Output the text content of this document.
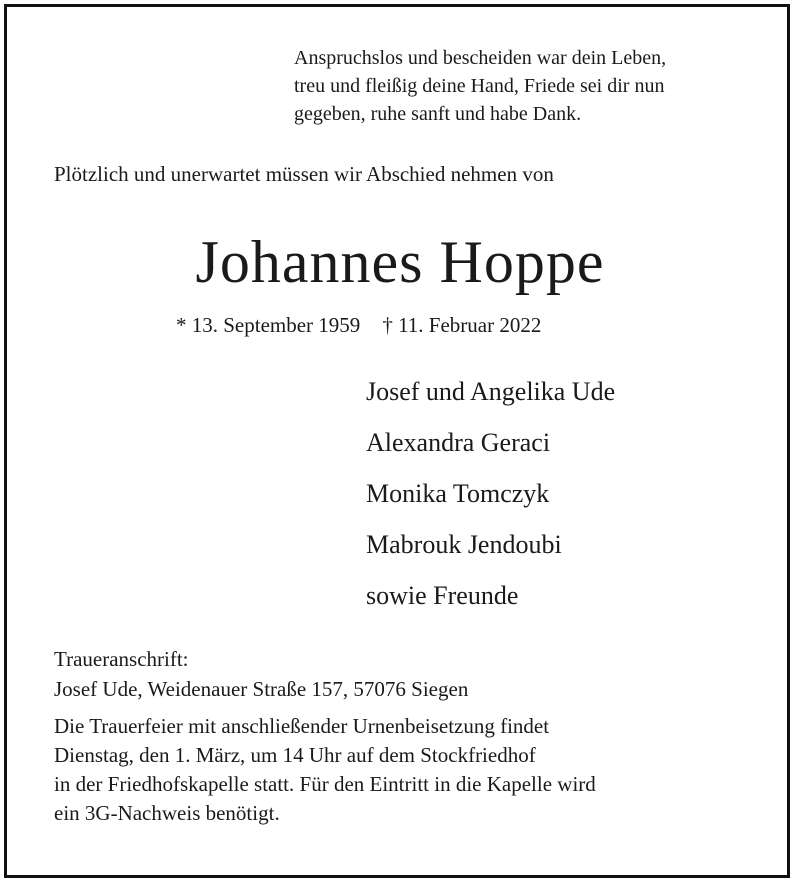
Anspruchslos und bescheiden war dein Leben,
treu und fleißig deine Hand, Friede sei dir nun
gegeben, ruhe sanft und habe Dank.

Plötzlich und unerwartet müssen wir Abschied nehmen von

Johannes Hoppe
* 13. September 1959 † 11. Februar 2022
Josef und Angelika Ude
Alexandra Geraci
Monika Tomczyk
Mabrouk Jendoubi
sowie Freunde
Traueranschrift:
Josef Ude, Weidenauer Straße 157, 57076 Siegen
Die Trauerfeier mit anschließender Urnenbeisetzung findet
Dienstag, den 1. März, um 14 Uhr auf dem Stockfriedhof
in der Friedhofskapelle statt. Für den Eintritt in die Kapelle wird
ein 3G-Nachweis benötigt.
